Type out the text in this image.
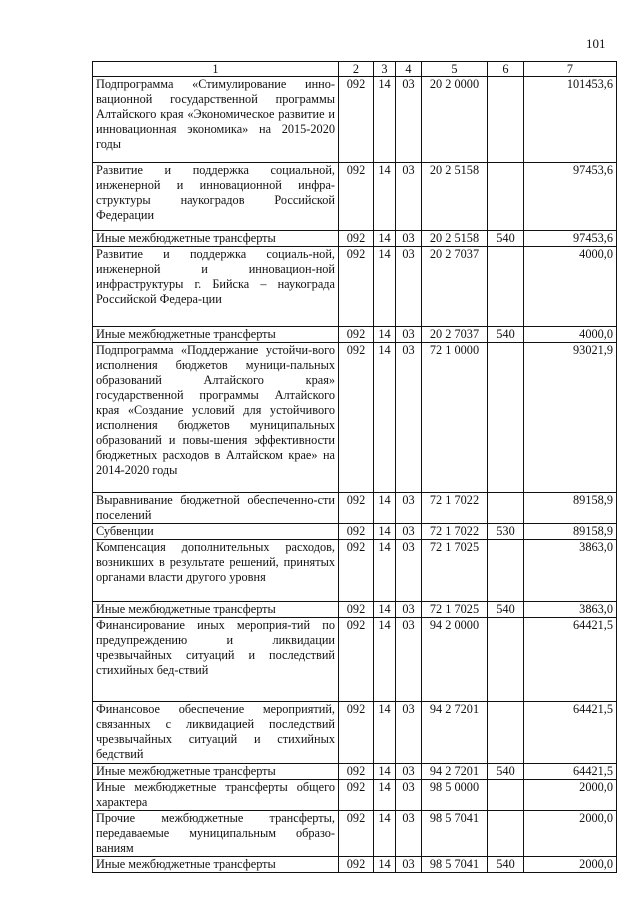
101
1	2	3	4	5	6	7
Подпрограмма «Стимулирование инно-вационной государственной программы Алтайского края «Экономическое развитие и инновационная экономика» на 2015-2020 годы	092	14	03	20 2 0000		101453,6
Развитие и поддержка социальной, инженерной и инновационной инфра-структуры наукоградов Российской Федерации	092	14	03	20 2 5158		97453,6
Иные межбюджетные трансферты	092	14	03	20 2 5158	540	97453,6
Развитие и поддержка социаль-ной, инженерной и инновацион-ной инфраструктуры г. Бийска – наукограда Российской Федера-ции	092	14	03	20 2 7037		4000,0
Иные межбюджетные трансферты	092	14	03	20 2 7037	540	4000,0
Подпрограмма «Поддержание устойчи-вого исполнения бюджетов муници-пальных образований Алтайского края» государственной программы Алтайского края «Создание условий для устойчивого исполнения бюджетов муниципальных образований и повы-шения эффективности бюджетных расходов в Алтайском крае» на 2014-2020 годы	092	14	03	72 1 0000		93021,9
Выравнивание бюджетной обеспеченно-сти поселений	092	14	03	72 1 7022		89158,9
Субвенции	092	14	03	72 1 7022	530	89158,9
Компенсация дополнительных расходов, возникших в результате решений, принятых органами власти другого уровня	092	14	03	72 1 7025		3863,0
Иные межбюджетные трансферты	092	14	03	72 1 7025	540	3863,0
Финансирование иных мероприя-тий по предупреждению и ликвидации чрезвычайных ситуаций и последствий стихийных бед-ствий	092	14	03	94 2 0000		64421,5
Финансовое обеспечение мероприятий, связанных с ликвидацией последствий чрезвычайных ситуаций и стихийных бедствий	092	14	03	94 2 7201		64421,5
Иные межбюджетные трансферты	092	14	03	94 2 7201	540	64421,5
Иные межбюджетные трансферты общего характера	092	14	03	98 5 0000		2000,0
Прочие межбюджетные трансферты, передаваемые муниципальным образо-ваниям	092	14	03	98 5 7041		2000,0
Иные межбюджетные трансферты	092	14	03	98 5 7041	540	2000,0
